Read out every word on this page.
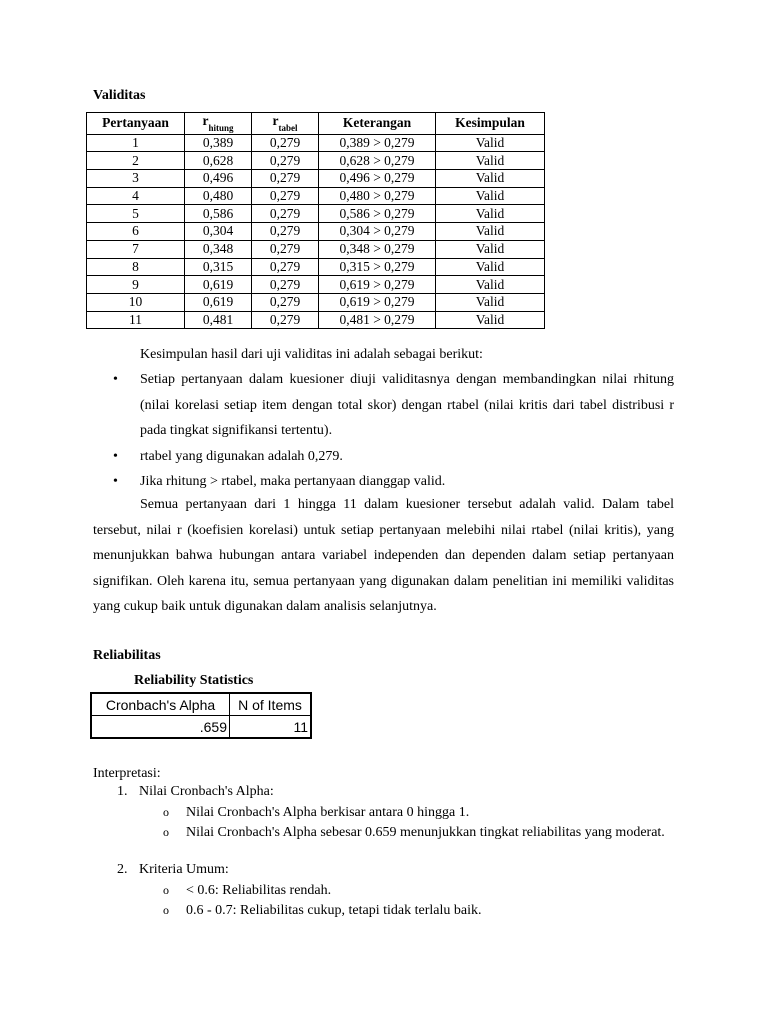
Validitas
Pertanyaan	$r_{hitung}$	$r_{tabel}$	Keterangan	Kesimpulan
1	0,389	0,279	0,389 > 0,279	Valid
2	0,628	0,279	0,628 > 0,279	Valid
3	0,496	0,279	0,496 > 0,279	Valid
4	0,480	0,279	0,480 > 0,279	Valid
5	0,586	0,279	0,586 > 0,279	Valid
6	0,304	0,279	0,304 > 0,279	Valid
7	0,348	0,279	0,348 > 0,279	Valid
8	0,315	0,279	0,315 > 0,279	Valid
9	0,619	0,279	0,619 > 0,279	Valid
10	0,619	0,279	0,619 > 0,279	Valid
11	0,481	0,279	0,481 > 0,279	Valid
Kesimpulan hasil dari uji validitas ini adalah sebagai berikut:
• Setiap pertanyaan dalam kuesioner diuji validitasnya dengan membandingkan nilai rhitung (nilai korelasi setiap item dengan total skor) dengan rtabel (nilai kritis dari tabel distribusi r pada tingkat signifikansi tertentu).
• rtabel yang digunakan adalah 0,279.
• Jika rhitung > rtabel, maka pertanyaan dianggap valid.
Semua pertanyaan dari 1 hingga 11 dalam kuesioner tersebut adalah valid. Dalam tabel tersebut, nilai r (koefisien korelasi) untuk setiap pertanyaan melebihi nilai rtabel (nilai kritis), yang menunjukkan bahwa hubungan antara variabel independen dan dependen dalam setiap pertanyaan signifikan. Oleh karena itu, semua pertanyaan yang digunakan dalam penelitian ini memiliki validitas yang cukup baik untuk digunakan dalam analisis selanjutnya.
Reliabilitas
Reliability Statistics
Cronbach's Alpha	N of Items
.659	11
Interpretasi:
1. Nilai Cronbach's Alpha:
o Nilai Cronbach's Alpha berkisar antara 0 hingga 1.
o Nilai Cronbach's Alpha sebesar 0.659 menunjukkan tingkat reliabilitas yang moderat.
2. Kriteria Umum:
o < 0.6: Reliabilitas rendah.
o 0.6 - 0.7: Reliabilitas cukup, tetapi tidak terlalu baik.
